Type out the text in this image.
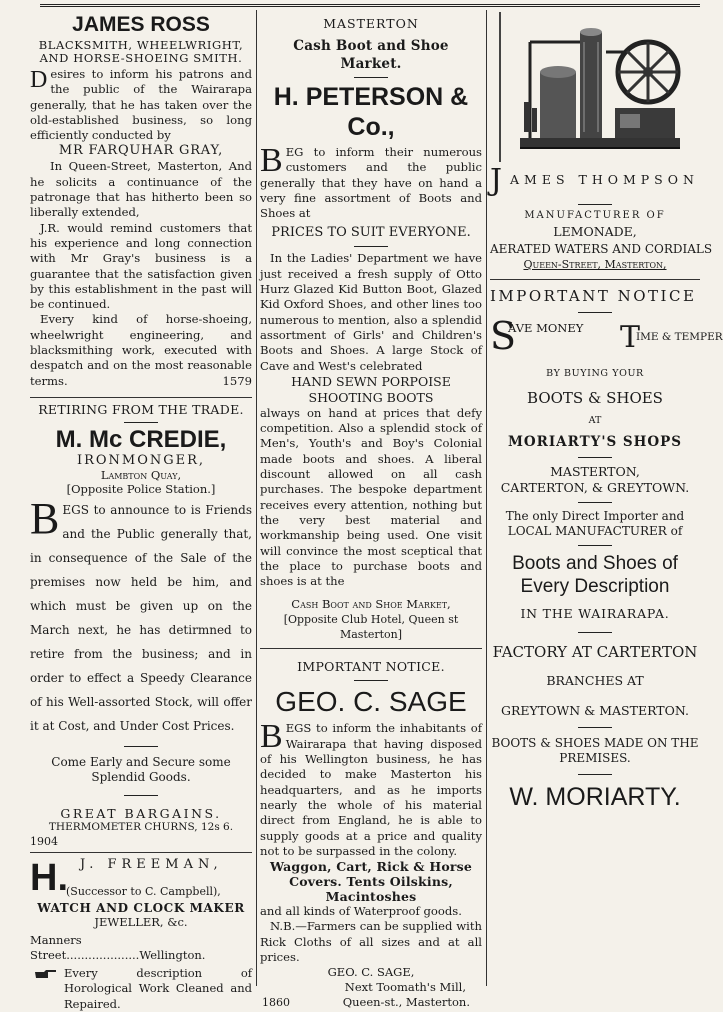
JAMES ROSS
BLACKSMITH, WHEELWRIGHT, AND HORSE-SHOEING SMITH.
Desires to inform his patrons and the public of the Wairarapa generally, that he has taken over the old-established business, so long efficiently conducted by
MR FARQUHAR GRAY,
In Queen-Street, Masterton, And he solicits a continuance of the patronage that has hitherto been so liberally extended,
J.R. would remind customers that his experience and long connection with Mr Gray's business is a guarantee that the satisfaction given by this establishment in the past will be continued.
Every kind of horse-shoeing, wheelwright engineering, and blacksmithing work, executed with despatch and on the most reasonable terms.	1579
RETIRING FROM THE TRADE.
M. Mc CREDIE,
IRONMONGER,
Lambton Quay,
[Opposite Police Station.]
BEGS to announce to is Friends and the Public generally that, in consequence of the Sale of the premises now held be him, and which must be given up on the March next, he has detirmned to retire from the business; and in order to effect a Speedy Clearance of his Well-assorted Stock, will offer it at Cost, and Under Cost Prices.
Come Early and Secure some Splendid Goods.
GREAT BARGAINS.
THERMOMETER CHURNS, 12s 6.
1904
H. J. FREEMAN,
(Successor to C. Campbell),
WATCH AND CLOCK MAKER
JEWELLER, &c.
Manners Street....................Wellington.
Every description of Horological Work Cleaned and Repaired.
MASTERTON
Cash Boot and Shoe Market.
H. PETERSON & Co.,
BEG to inform their numerous customers and the public generally that they have on hand a very fine assortment of Boots and Shoes at
PRICES TO SUIT EVERYONE.
In the Ladies' Department we have just received a fresh supply of Otto Hurz Glazed Kid Button Boot, Glazed Kid Oxford Shoes, and other lines too numerous to mention, also a splendid assortment of Girls' and Children's Boots and Shoes. A large Stock of Cave and West's celebrated
HAND SEWN PORPOISE SHOOTING BOOTS
always on hand at prices that defy competition. Also a splendid stock of Men's, Youth's and Boy's Colonial made boots and shoes. A liberal discount allowed on all cash purchases. The bespoke department receives every attention, nothing but the very best material and workmanship being used. One visit will convince the most sceptical that the place to purchase boots and shoes is at the
Cash Boot and Shoe Market,
[Opposite Club Hotel, Queen st Masterton]
IMPORTANT NOTICE.
GEO. C. SAGE
BEGS to inform the inhabitants of Wairarapa that having disposed of his Wellington business, he has decided to make Masterton his headquarters, and as he imports nearly the whole of his material direct from England, he is able to supply goods at a price and quality not to be surpassed in the colony.
Waggon, Cart, Rick & Horse Covers. Tents Oilskins, Macintoshes
and all kinds of Waterproof goods.
N.B.—Farmers can be supplied with Rick Cloths of all sizes and at all prices.
GEO. C. SAGE,
Next Toomath's Mill,
1860	Queen-st., Masterton.
J AMES THOMPSON
MANUFACTURER OF
LEMONADE,
AERATED WATERS AND CORDIALS
Queen-Street, Masterton,
IMPORTANT NOTICE
S
AVE MONEY T
IME & TEMPER
BY BUYING YOUR
BOOTS & SHOES
AT
MORIARTY'S SHOPS
MASTERTON,
CARTERTON, & GREYTOWN.
The only Direct Importer and LOCAL MANUFACTURER of
Boots and Shoes of Every Description
IN THE WAIRARAPA.
FACTORY AT CARTERTON
BRANCHES AT
GREYTOWN & MASTERTON.
BOOTS & SHOES MADE ON THE PREMISES.
W. MORIARTY.
